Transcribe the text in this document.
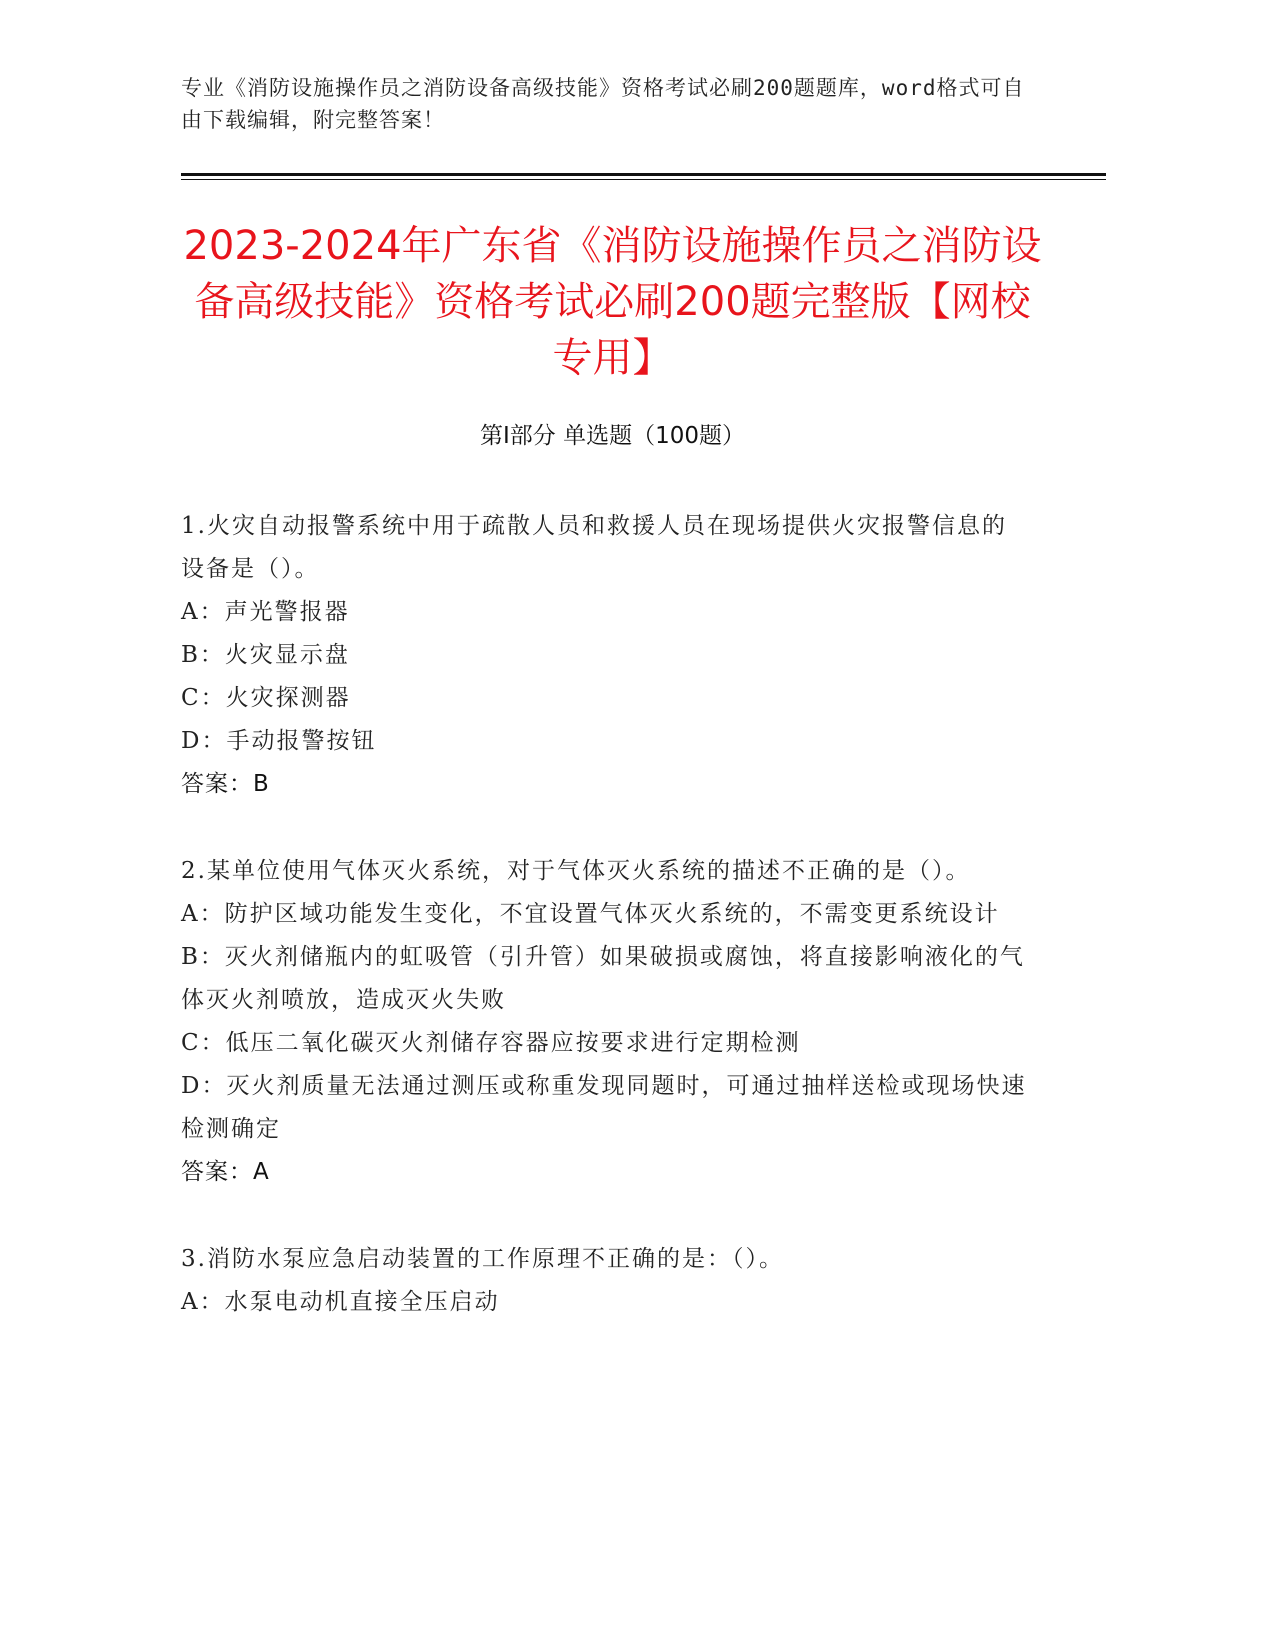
专业《消防设施操作员之消防设备高级技能》资格考试必刷200题题库，word格式可自由下载编辑，附完整答案！
2023-2024年广东省《消防设施操作员之消防设备高级技能》资格考试必刷200题完整版【网校专用】
第I部分 单选题（100题）

1.火灾自动报警系统中用于疏散人员和救援人员在现场提供火灾报警信息的设备是（）。

A：声光警报器

B：火灾显示盘

C：火灾探测器

D：手动报警按钮

答案：B

2.某单位使用气体灭火系统，对于气体灭火系统的描述不正确的是（）。

A：防护区域功能发生变化，不宜设置气体灭火系统的，不需变更系统设计

B：灭火剂储瓶内的虹吸管（引升管）如果破损或腐蚀，将直接影响液化的气体灭火剂喷放，造成灭火失败

C：低压二氧化碳灭火剂储存容器应按要求进行定期检测

D：灭火剂质量无法通过测压或称重发现同题时，可通过抽样送检或现场快速检测确定

答案：A

3.消防水泵应急启动装置的工作原理不正确的是：（）。

A：水泵电动机直接全压启动
